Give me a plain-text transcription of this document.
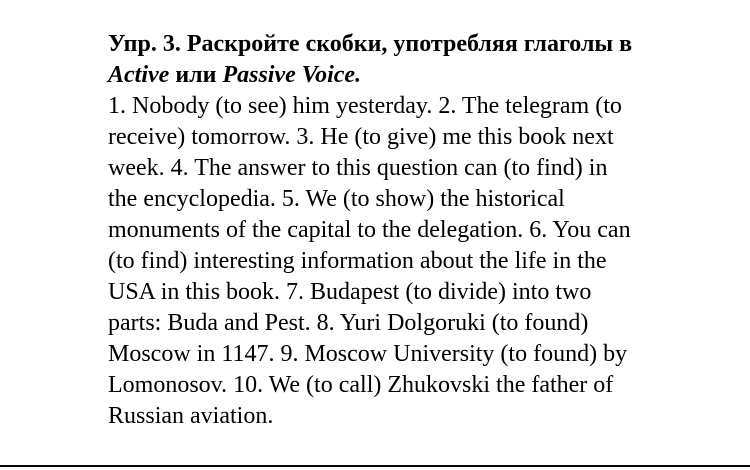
Упр. 3. Раскройте скобки, употребляя глаголы в
Active или Passive Voice.
1. Nobody (to see) him yesterday. 2. The telegram (to
receive) tomorrow. 3. He (to give) me this book next
week. 4. The answer to this question can (to find) in
the encyclopedia. 5. We (to show) the historical
monuments of the capital to the delegation. 6. You can
(to find) interesting information about the life in the
USA in this book. 7. Budapest (to divide) into two
parts: Buda and Pest. 8. Yuri Dolgoruki (to found)
Moscow in 1147. 9. Moscow University (to found) by
Lomonosov. 10. We (to call) Zhukovski the father of
Russian aviation.
